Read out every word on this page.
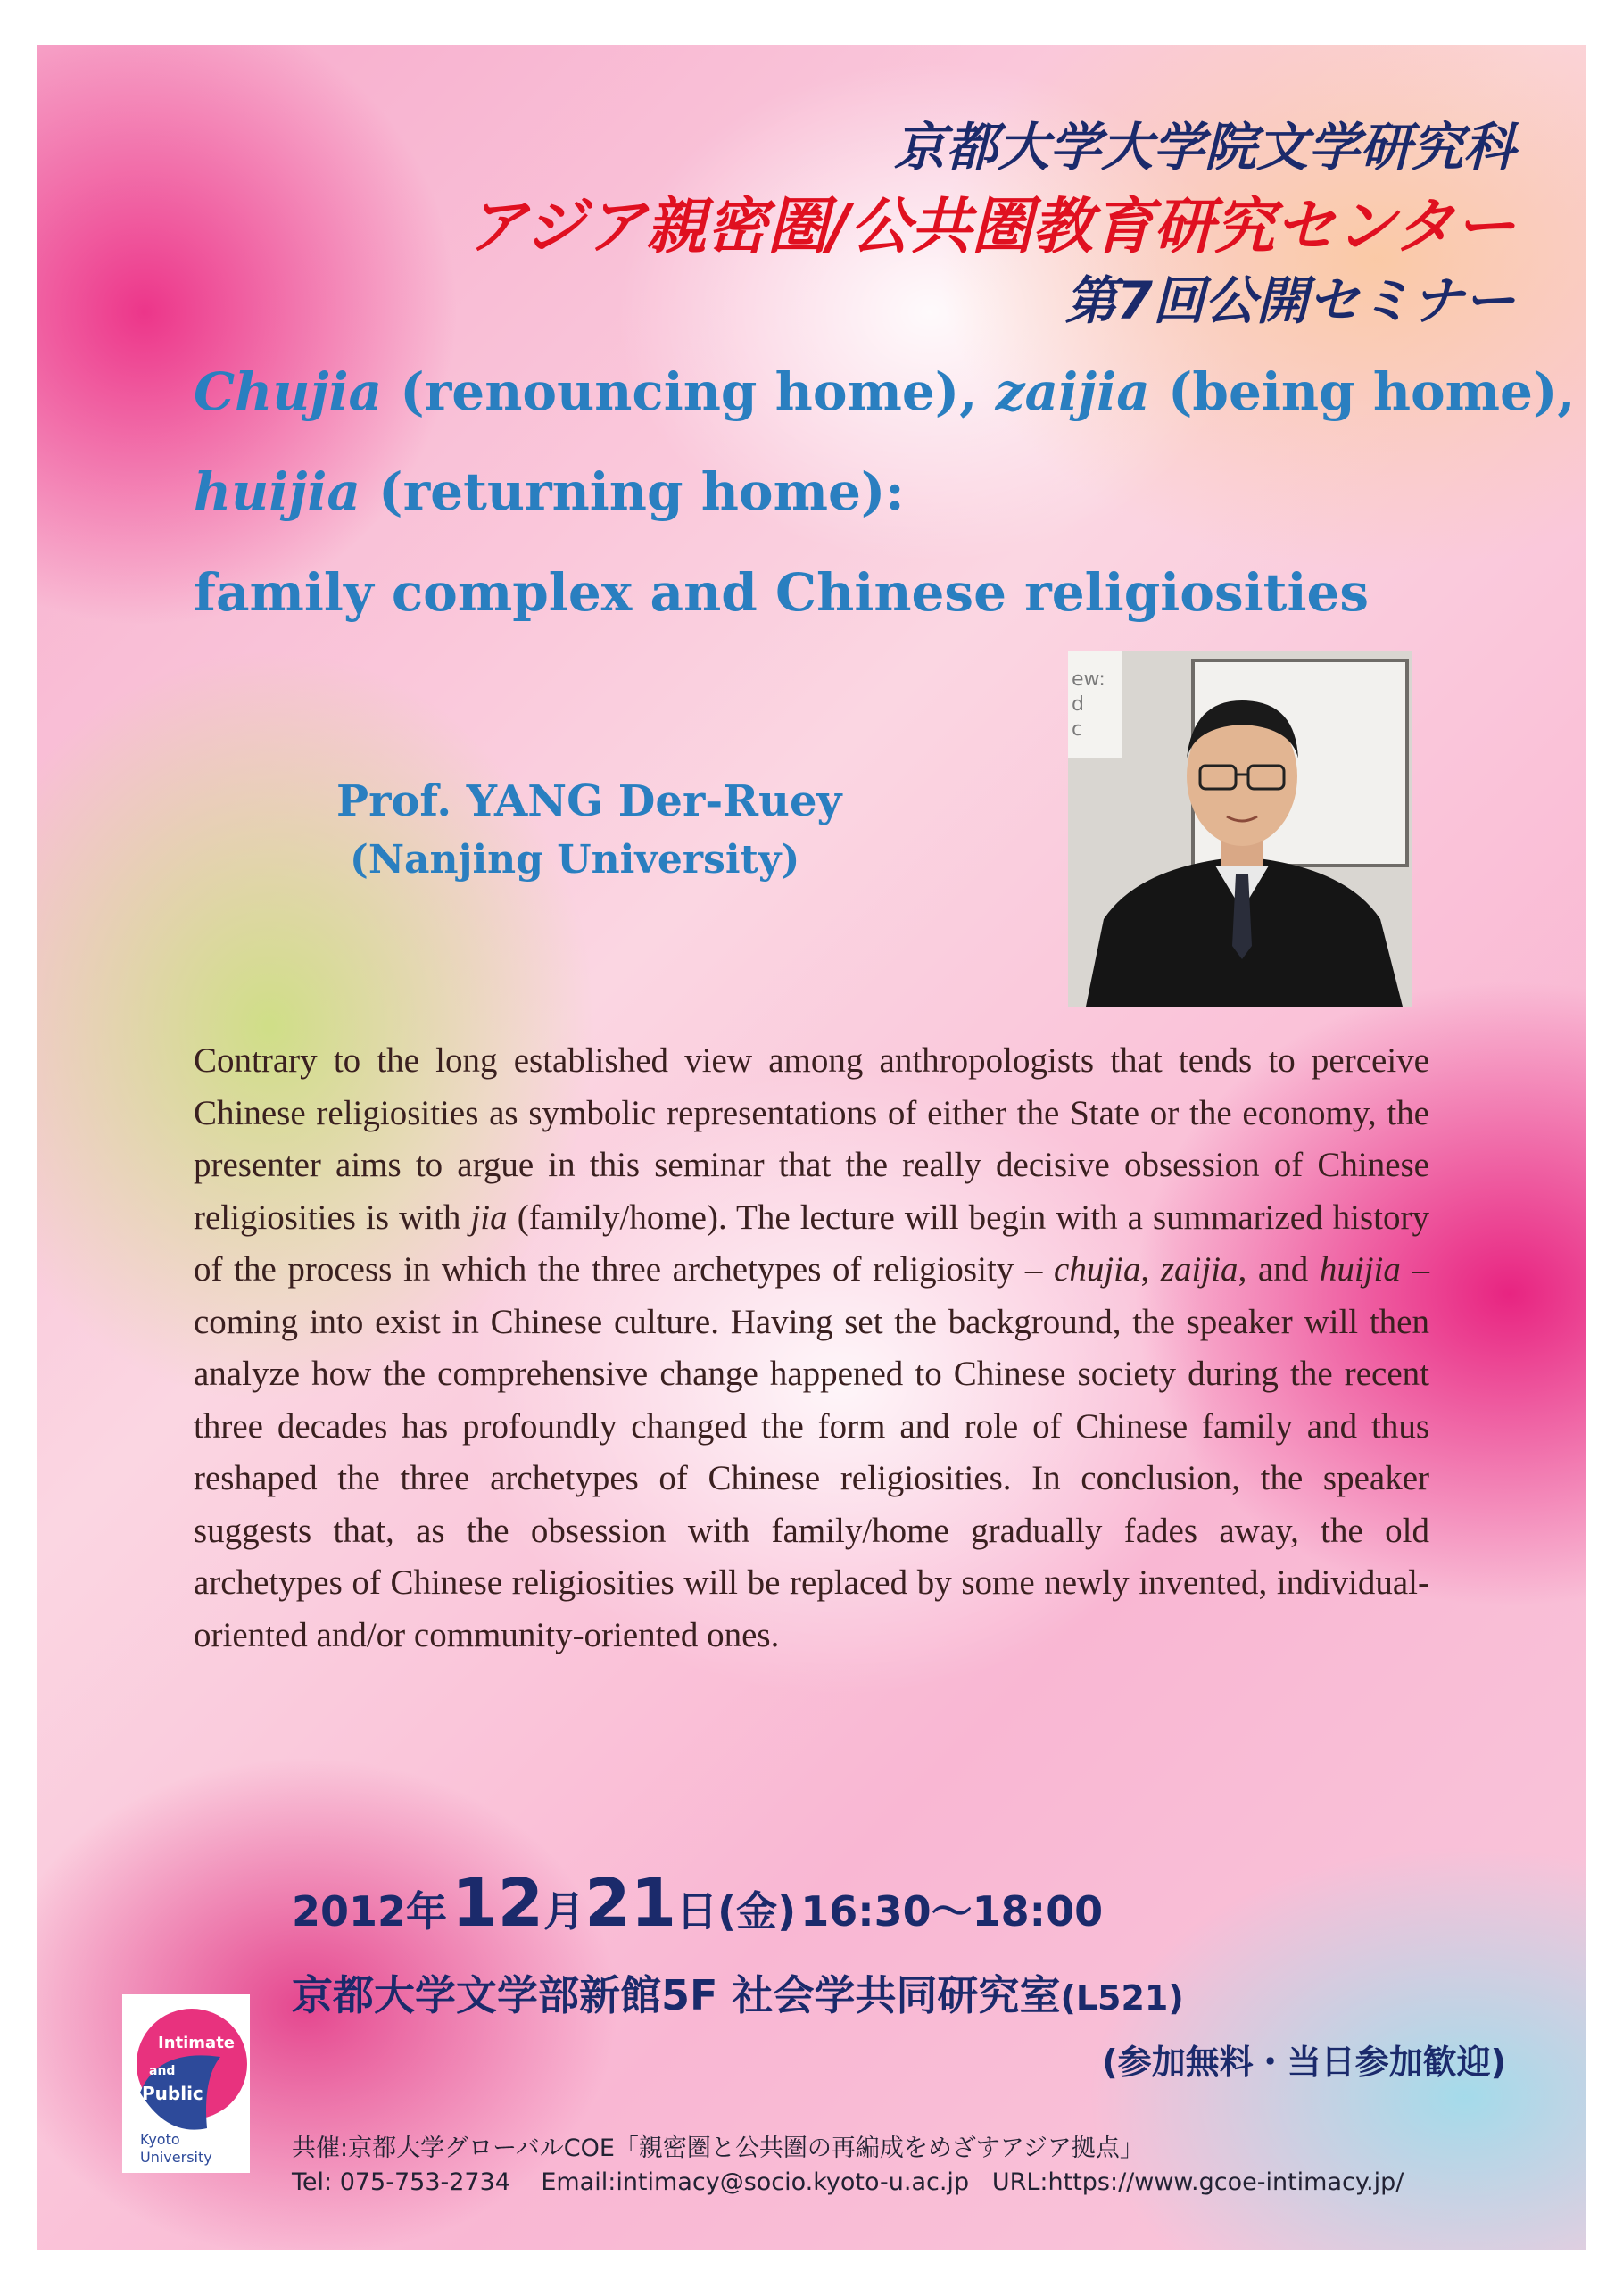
京都大学大学院文学研究科
アジア親密圏/公共圏教育研究センター
第7回公開セミナー
Chujia (renouncing home), zaijia (being home),
huijia (returning home):
family complex and Chinese religiosities
Prof. YANG Der-Ruey
(Nanjing University)
ew:
d
c
Contrary to the long established view among anthropologists that tends to perceive Chinese religiosities as symbolic representations of either the State or the economy, the presenter aims to argue in this seminar that the really decisive obsession of Chinese religiosities is with jia (family/home). The lecture will begin with a summarized history of the process in which the three archetypes of religiosity – chujia, zaijia, and huijia – coming into exist in Chinese culture. Having set the background, the speaker will then analyze how the comprehensive change happened to Chinese society during the recent three decades has profoundly changed the form and role of Chinese family and thus reshaped the three archetypes of Chinese religiosities. In conclusion, the speaker suggests that, as the obsession with family/home gradually fades away, the old archetypes of Chinese religiosities will be replaced by some newly invented, individual-oriented and/or community-oriented ones.
2012年 12月21日(金) 16:30〜18:00
京都大学文学部新館5F 社会学共同研究室(L521)
(参加無料・当日参加歓迎)
Intimate
and
Public
Kyoto
University	共催:京都大学グローバルCOE「親密圏と公共圏の再編成をめざすアジア拠点」
Tel: 075-753-2734 Email:intimacy@socio.kyoto-u.ac.jp URL:https://www.gcoe-intimacy.jp/
